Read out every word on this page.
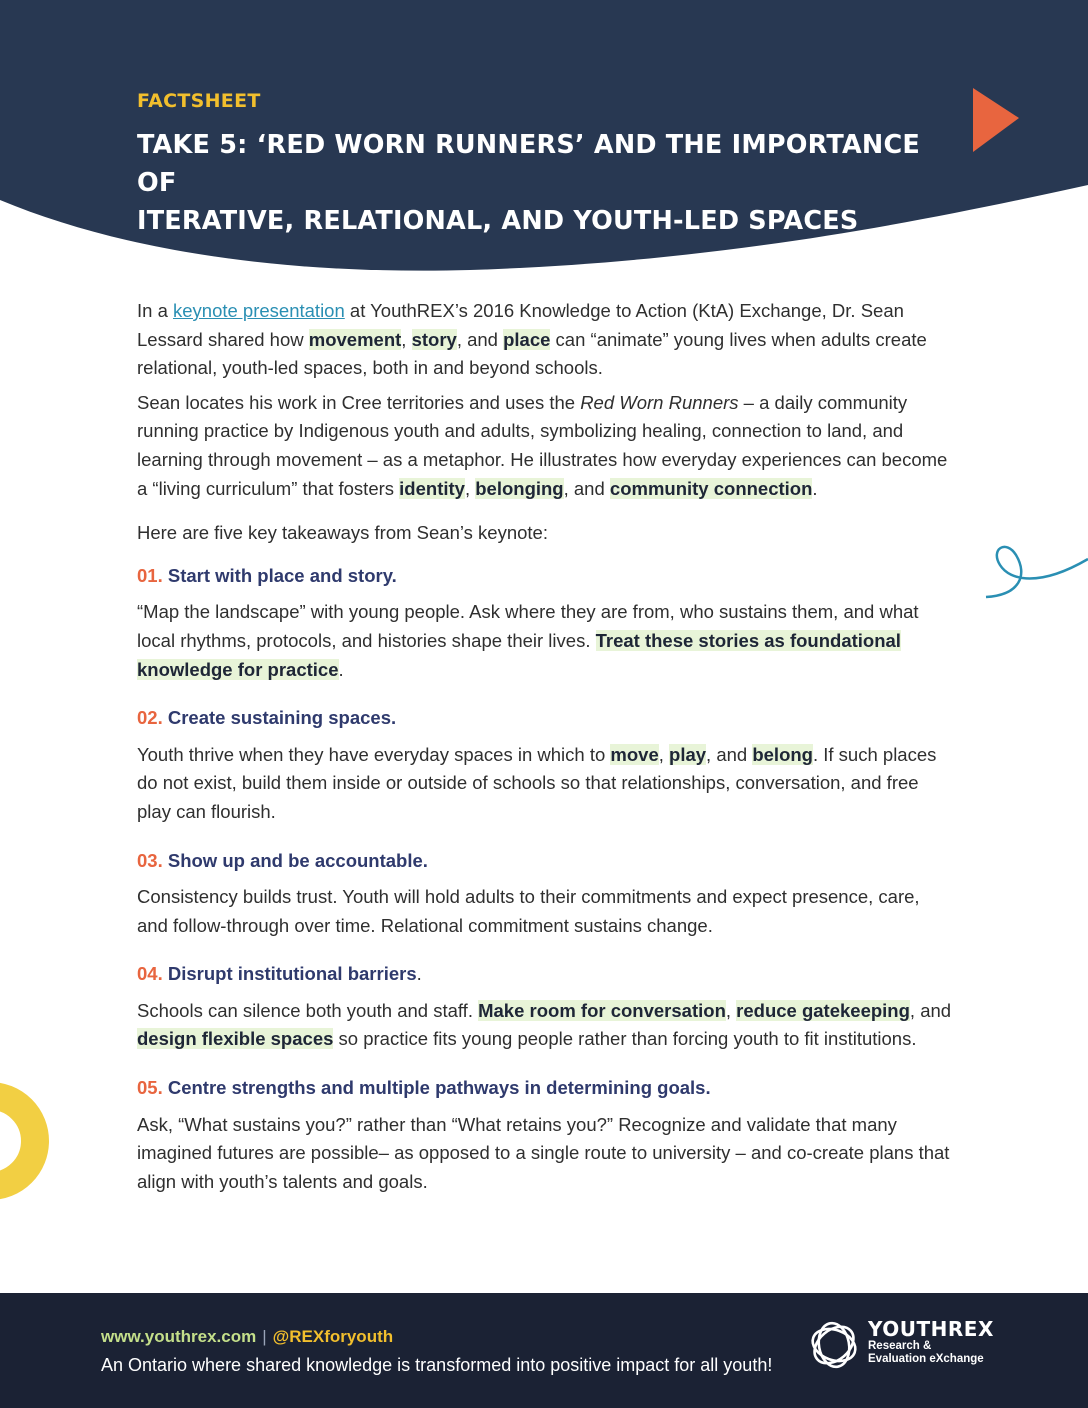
FACTSHEET

TAKE 5: ‘RED WORN RUNNERS’ AND THE IMPORTANCE OF
ITERATIVE, RELATIONAL, AND YOUTH-LED SPACES

In a keynote presentation at YouthREX’s 2016 Knowledge to Action (KtA) Exchange, Dr. Sean Lessard shared how movement, story, and place can “animate” young lives when adults create relational, youth-led spaces, both in and beyond schools.

Sean locates his work in Cree territories and uses the Red Worn Runners – a daily community running practice by Indigenous youth and adults, symbolizing healing, connection to land, and learning through movement – as a metaphor. He illustrates how everyday experiences can become a “living curriculum” that fosters identity, belonging, and community connection.

Here are five key takeaways from Sean’s keynote:

01. Start with place and story.

“Map the landscape” with young people. Ask where they are from, who sustains them, and what local rhythms, protocols, and histories shape their lives. Treat these stories as foundational knowledge for practice.

02. Create sustaining spaces.

Youth thrive when they have everyday spaces in which to move, play, and belong. If such places do not exist, build them inside or outside of schools so that relationships, conversation, and free play can flourish.

03. Show up and be accountable.

Consistency builds trust. Youth will hold adults to their commitments and expect presence, care, and follow-through over time. Relational commitment sustains change.

04. Disrupt institutional barriers.

Schools can silence both youth and staff. Make room for conversation, reduce gatekeeping, and design flexible spaces so practice fits young people rather than forcing youth to fit institutions.

05. Centre strengths and multiple pathways in determining goals.

Ask, “What sustains you?” rather than “What retains you?” Recognize and validate that many imagined futures are possible– as opposed to a single route to university – and co-create plans that align with youth’s talents and goals.

www.youthrex.com | @REXforyouth
An Ontario where shared knowledge is transformed into positive impact for all youth!
YOUTHREX
Research &
Evaluation eXchange
